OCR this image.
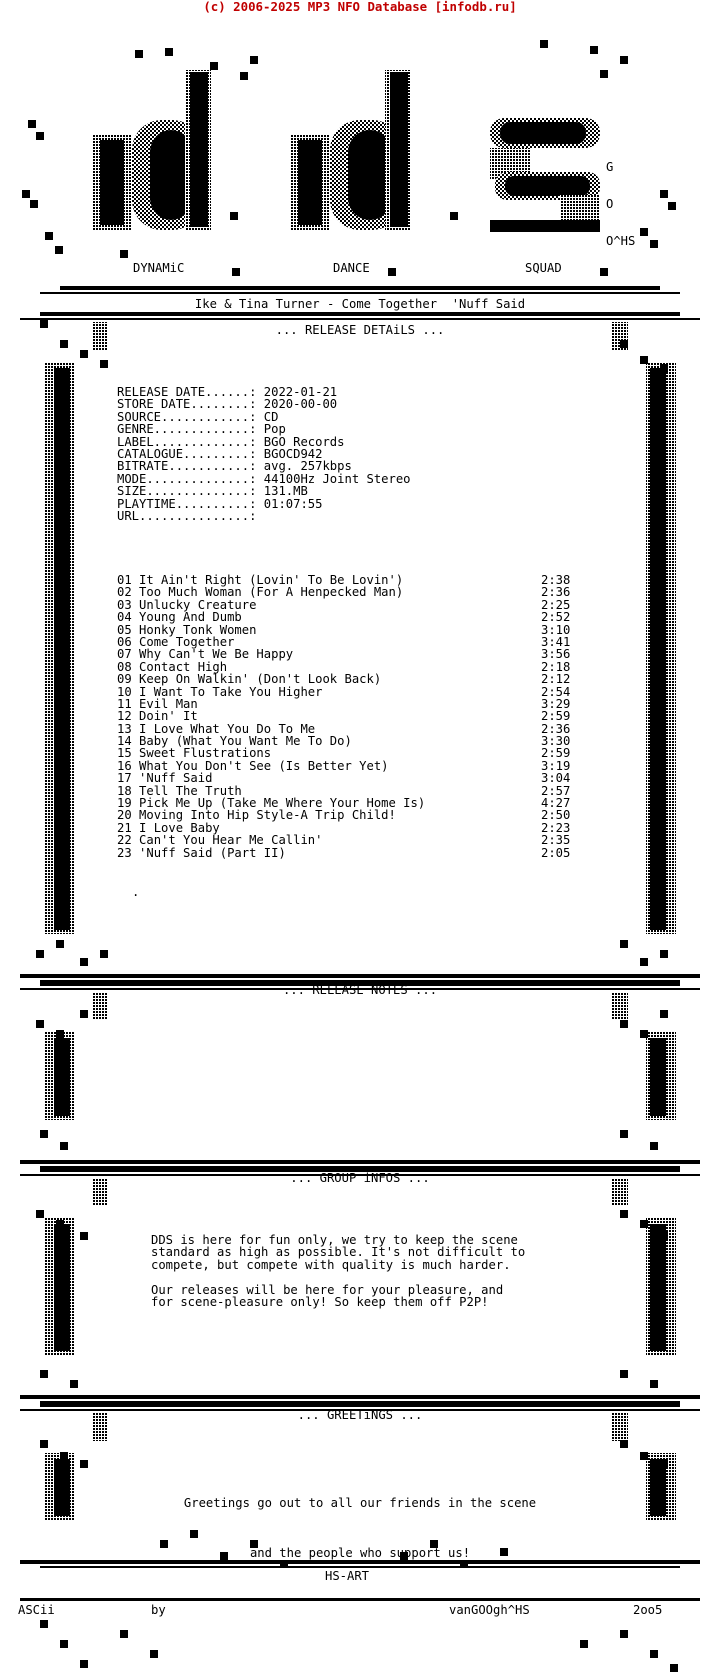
(c) 2006-2025 MP3 NFO Database [infodb.ru]

G

O

O^HS

DYNAMiC	DANCE	SQUAD
Ike & Tina Turner - Come Together  'Nuff Said
... RELEASE DETAiLS ...
RELEASE DATE......: 2022-01-21
STORE DATE........: 2020-00-00
SOURCE............: CD
GENRE.............: Pop
LABEL.............: BGO Records
CATALOGUE.........: BGOCD942
BITRATE...........: avg. 257kbps
MODE..............: 44100Hz Joint Stereo
SIZE..............: 131.MB
PLAYTIME..........: 01:07:55
URL...............:
01 It Ain't Right (Lovin' To Be Lovin')	2:38
02 Too Much Woman (For A Henpecked Man)	2:36
03 Unlucky Creature	2:25
04 Young And Dumb	2:52
05 Honky Tonk Women	3:10
06 Come Together	3:41
07 Why Can't We Be Happy	3:56
08 Contact High	2:18
09 Keep On Walkin' (Don't Look Back)	2:12
10 I Want To Take You Higher	2:54
11 Evil Man	3:29
12 Doin' It	2:59
13 I Love What You Do To Me	2:36
14 Baby (What You Want Me To Do)	3:30
15 Sweet Flustrations	2:59
16 What You Don't See (Is Better Yet)	3:19
17 'Nuff Said	3:04
18 Tell The Truth	2:57
19 Pick Me Up (Take Me Where Your Home Is)	4:27
20 Moving Into Hip Style-A Trip Child!	2:50
21 I Love Baby	2:23
22 Can't You Hear Me Callin'	2:35
23 'Nuff Said (Part II)	2:05
.
... RELEASE NOTES ...
... GROUP iNFOS ...
DDS is here for fun only, we try to keep the scene
standard as high as possible. It's not difficult to
compete, but compete with quality is much harder.
Our releases will be here for your pleasure, and
for scene-pleasure only! So keep them off P2P!
... GREETiNGS ...

Greetings go out to all our friends in the scene

and the people who support us!

HS-ART
ASCii	by	vanGOOgh^HS	2oo5
